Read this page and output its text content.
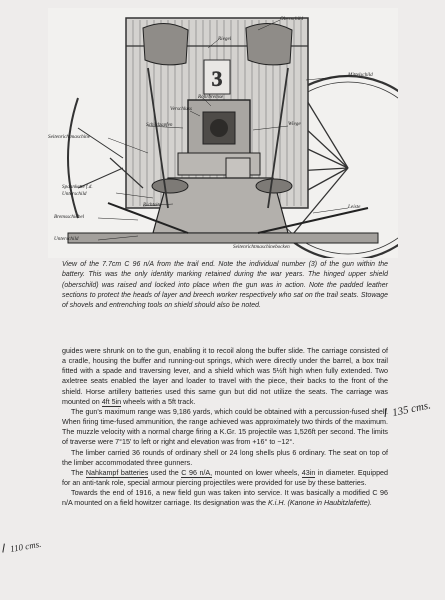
3
Oberschild
Riegel
Mittelschild
Rohrbremse
Verschluss
Schildzapfen	Wiege
Seitenrichtmaschine
Spannkette f.d.
Unterschild
Bremsschiebel
Richtsitz
Unterschild
Seitenrichtmaschinebocken
Leiste
View of the 7.7cm C 96 n/A from the trail end. Note the individual number (3) of the gun within the battery. This was the only identity marking retained during the war years. The hinged upper shield (oberschild) was raised and locked into place when the gun was in action. Note the padded leather sections to protect the heads of layer and breech worker respectively who sat on the trail seats. Stowage of shovels and entrenching tools on shield should also be noted.

guides were shrunk on to the gun, enabling it to recoil along the buffer slide. The carriage consisted of a cradle, housing the buffer and running-out springs, which were directly under the barrel, a box trail fitted with a spade and traversing lever, and a shield which was 5½ft high when fully extended. Two axletree seats enabled the layer and loader to travel with the piece, their backs to the front of the shield. Horse artillery batteries used this same gun but did not utilize the seats. The carriage was mounted on 4ft 5in wheels with a 5ft track.

The gun's maximum range was 9,186 yards, which could be obtained with a percussion-fused shell. When firing time-fused ammunition, the range achieved was approximately two thirds of the maximum. The muzzle velocity with a normal charge firing a K.Gr. 15 projectile was 1,526ft per second. The limits of traverse were 7°15' to left or right and elevation was from +16° to −12°.

The limber carried 36 rounds of ordinary shell or 24 long shells plus 6 ordinary. The seat on top of the limber accommodated three gunners.

The Nahkampf batteries used the C 96 n/A, mounted on lower wheels, 43in in diameter. Equipped for an anti-tank role, special armour piercing projectiles were provided for use by these batteries.

Towards the end of 1916, a new field gun was taken into service. It was basically a modified C 96 n/A mounted on a field howitzer carriage. Its designation was the K.i.H. (Kanone in Haubitzlafette).

135 cms.
110 cms.
